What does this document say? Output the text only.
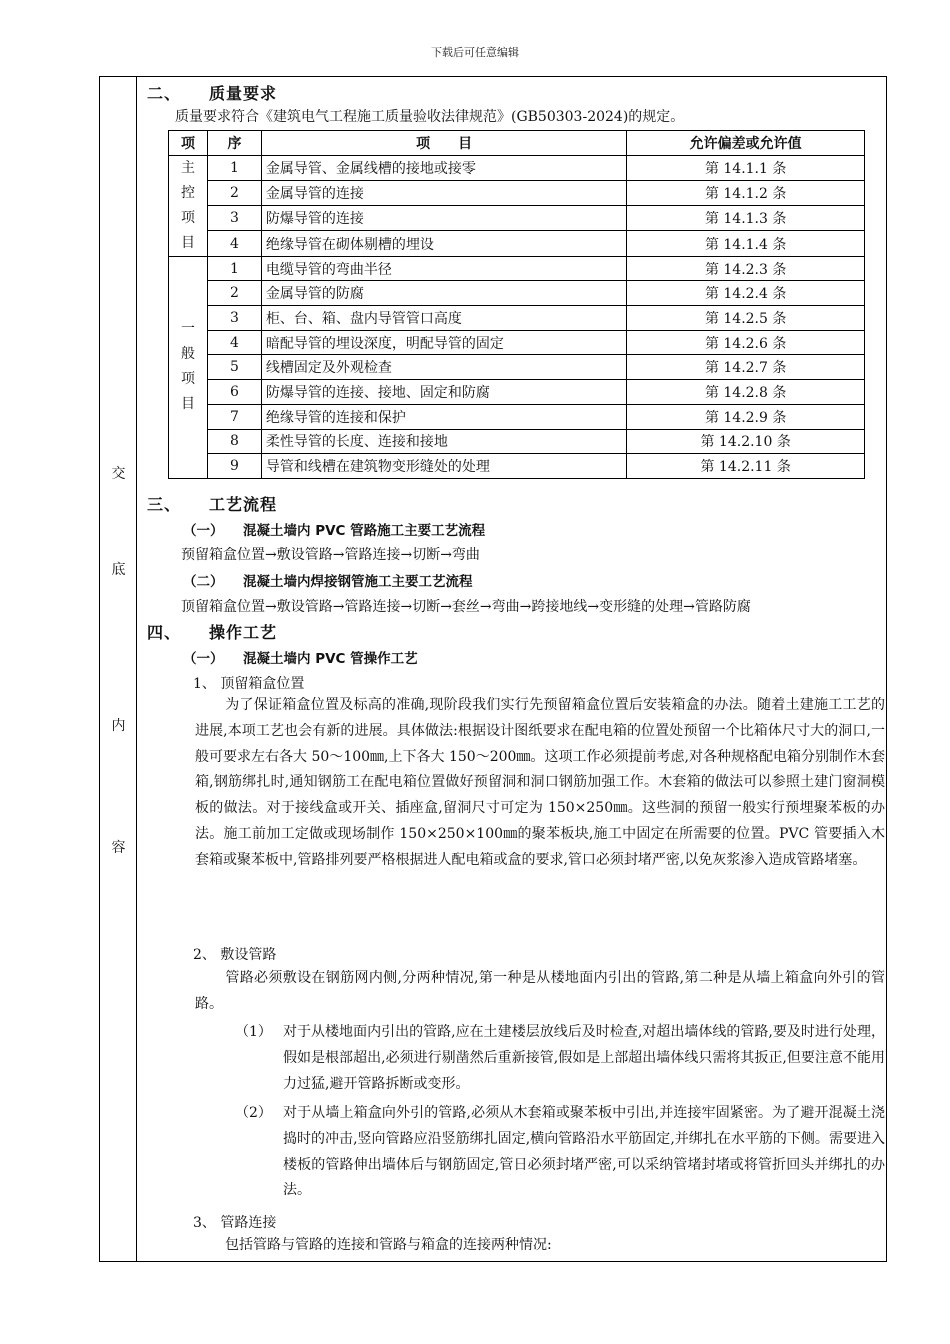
下载后可任意编辑
交
底
内
容
二、 质量要求
质量要求符合《建筑电气工程施工质量验收法律规范》(GB50303-2024)的规定。
项	序	项　　目	允许偏差或允许值

主控项目	1	金属导管、金属线槽的接地或接零	第 14.1.1 条
	2	金属导管的连接	第 14.1.2 条
	3	防爆导管的连接	第 14.1.3 条
	4	绝缘导管在砌体剔槽的埋设	第 14.1.4 条

一般项目	1	电缆导管的弯曲半径	第 14.2.3 条
	2	金属导管的防腐	第 14.2.4 条
	3	柜、台、箱、盘内导管管口高度	第 14.2.5 条
	4	暗配导管的埋设深度，明配导管的固定	第 14.2.6 条
	5	线槽固定及外观检查	第 14.2.7 条
	6	防爆导管的连接、接地、固定和防腐	第 14.2.8 条
	7	绝缘导管的连接和保护	第 14.2.9 条
	8	柔性导管的长度、连接和接地	第 14.2.10 条
	9	导管和线槽在建筑物变形缝处的处理	第 14.2.11 条
三、 工艺流程
（一） 混凝土墙内 PVC 管路施工主要工艺流程
预留箱盒位置→敷设管路→管路连接→切断→弯曲
（二） 混凝土墙内焊接钢管施工主要工艺流程
顶留箱盒位置→敷设管路→管路连接→切断→套丝→弯曲→跨接地线→变形缝的处理→管路防腐
四、 操作工艺
（一） 混凝土墙内 PVC 管操作工艺
1、 顶留箱盒位置
为了保证箱盒位置及标高的准确,现阶段我们实行先预留箱盒位置后安装箱盒的办法。随着土建施工工艺的进展,本项工艺也会有新的进展。具体做法:根据设计图纸要求在配电箱的位置处预留一个比箱体尺寸大的洞口,一般可要求左右各大 50～100㎜,上下各大 150～200㎜。这项工作必须提前考虑,对各种规格配电箱分别制作木套箱,钢筋绑扎时,通知钢筋工在配电箱位置做好预留洞和洞口钢筋加强工作。木套箱的做法可以参照土建门窗洞模板的做法。对于接线盒或开关、插座盒,留洞尺寸可定为 150×250㎜。这些洞的预留一般实行预埋聚苯板的办法。施工前加工定做或现场制作 150×250×100㎜的聚苯板块,施工中固定在所需要的位置。PVC 管要插入木套箱或聚苯板中,管路排列要严格根据进人配电箱或盒的要求,管口必须封堵严密,以免灰浆渗入造成管路堵塞。
2、 敷设管路
管路必须敷设在钢筋网内侧,分两种情况,第一种是从楼地面内引出的管路,第二种是从墙上箱盒向外引的管路。
（1） 对于从楼地面内引出的管路,应在土建楼层放线后及时检查,对超出墙体线的管路,要及时进行处理，假如是根部超出,必须进行剔凿然后重新接管,假如是上部超出墙体线只需将其扳正,但要注意不能用力过猛,避开管路拆断或变形。
（2） 对于从墙上箱盒向外引的管路,必须从木套箱或聚苯板中引出,并连接牢固紧密。为了避开混凝土浇捣时的冲击,竖向管路应沿竖筋绑扎固定,横向管路沿水平筋固定,并绑扎在水平筋的下侧。需要进入楼板的管路伸出墙体后与钢筋固定,管日必须封堵严密,可以采纳管堵封堵或将管折回头并绑扎的办法。
3、 管路连接
包括管路与管路的连接和管路与箱盒的连接两种情况:
